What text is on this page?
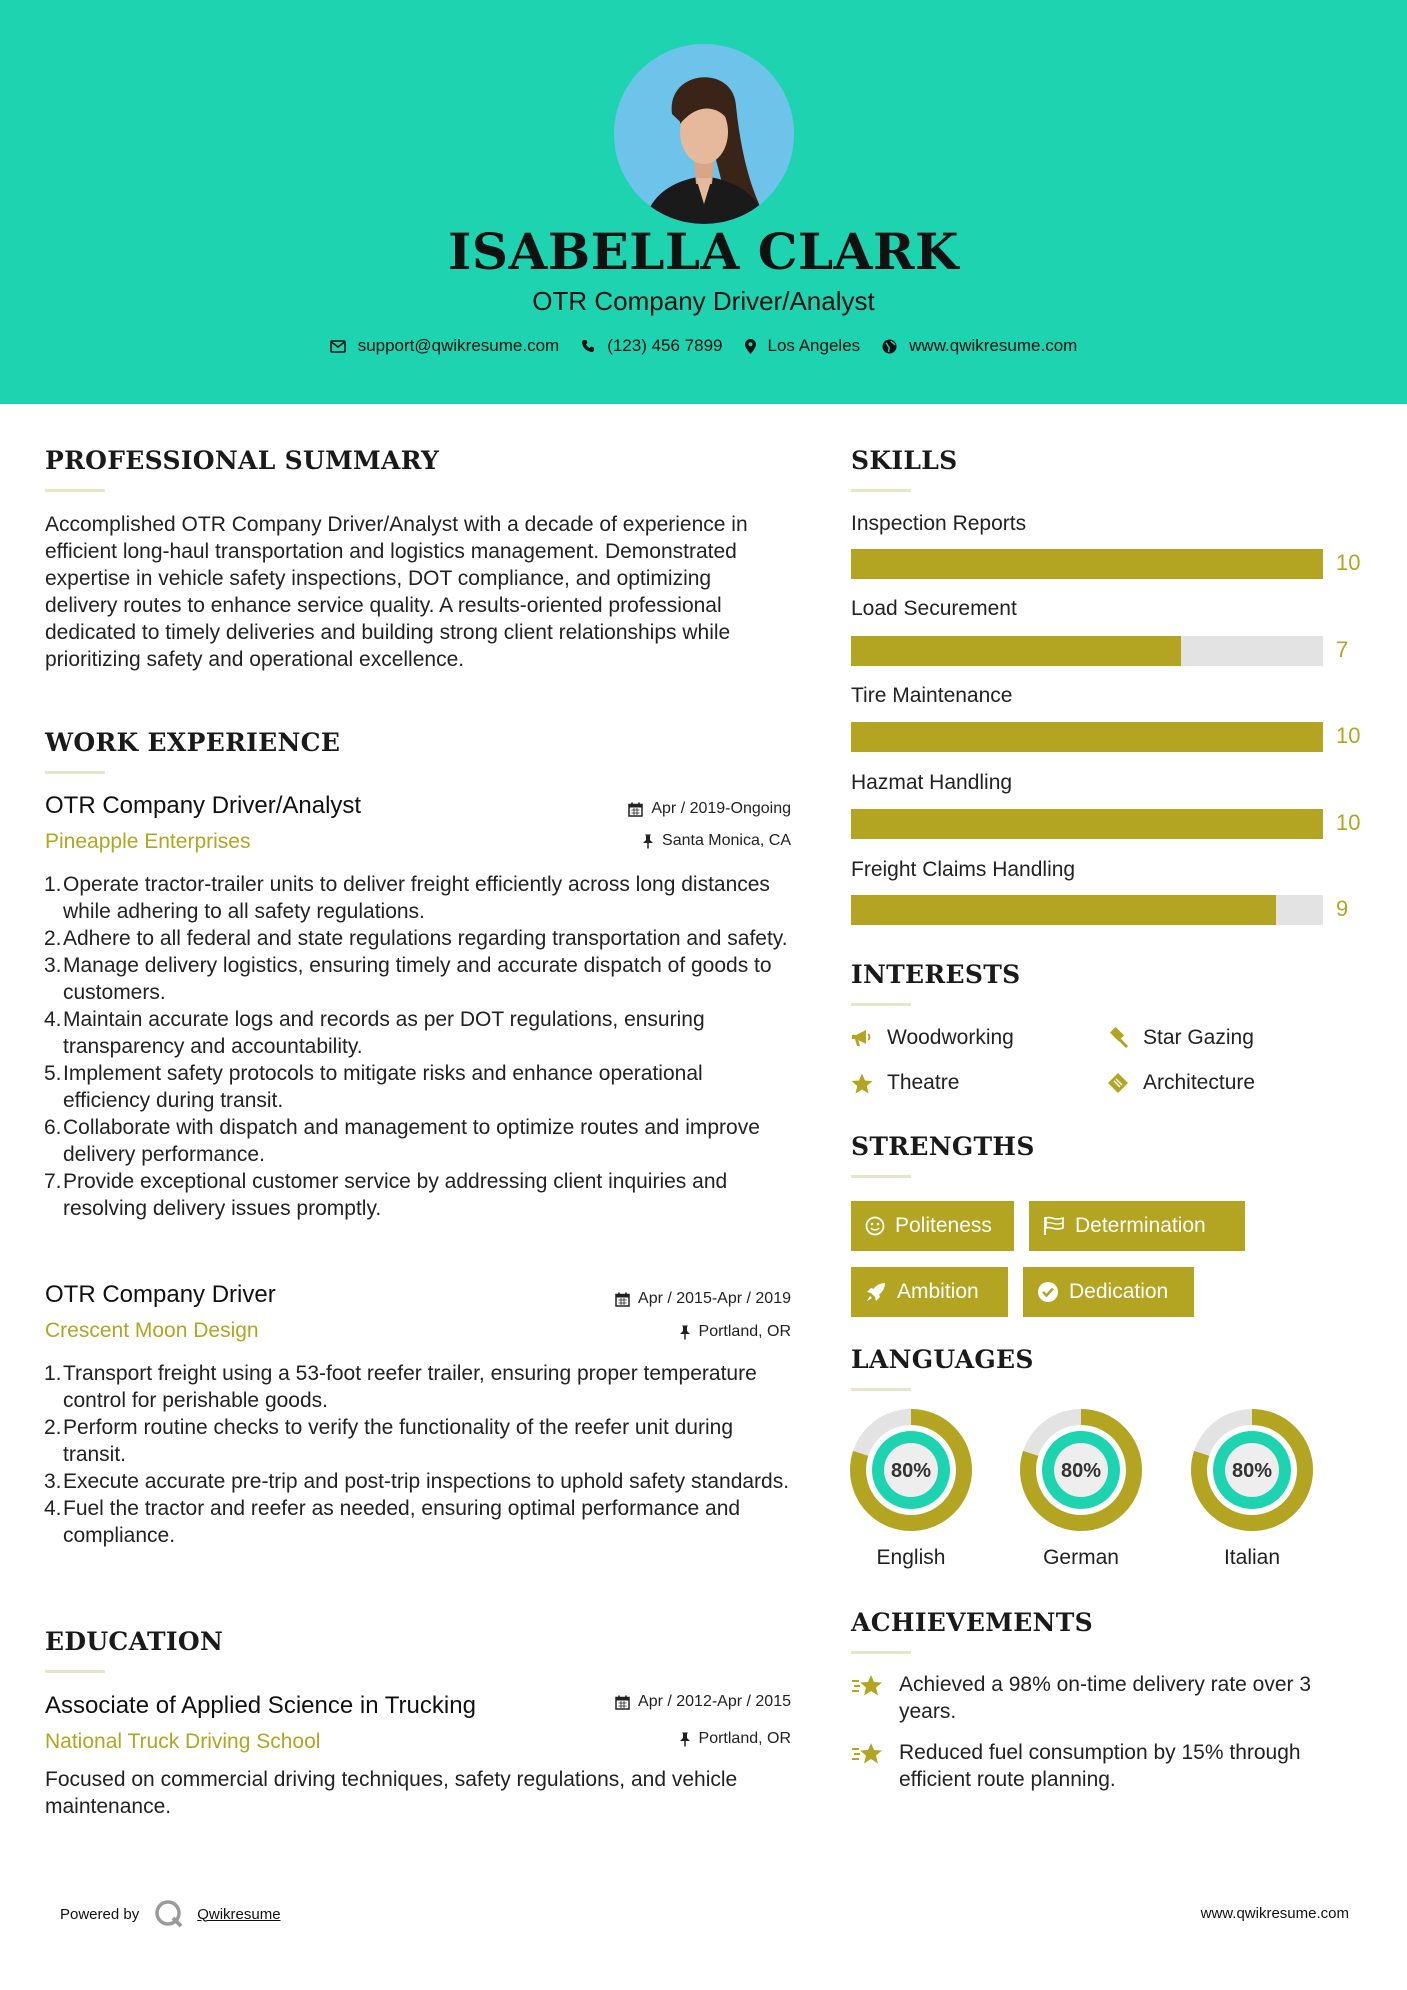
ISABELLA CLARK
OTR Company Driver/Analyst
support@qwikresume.com	(123) 456 7899	Los Angeles	www.qwikresume.com
PROFESSIONAL SUMMARY
Accomplished OTR Company Driver/Analyst with a decade of experience in efficient long-haul transportation and logistics management. Demonstrated expertise in vehicle safety inspections, DOT compliance, and optimizing delivery routes to enhance service quality. A results-oriented professional dedicated to timely deliveries and building strong client relationships while prioritizing safety and operational excellence.
WORK EXPERIENCE
OTR Company Driver/Analyst	Apr / 2019-Ongoing
Pineapple Enterprises	Santa Monica, CA
1. Operate tractor-trailer units to deliver freight efficiently across long distances while adhering to all safety regulations.
2. Adhere to all federal and state regulations regarding transportation and safety.
3. Manage delivery logistics, ensuring timely and accurate dispatch of goods to customers.
4. Maintain accurate logs and records as per DOT regulations, ensuring transparency and accountability.
5. Implement safety protocols to mitigate risks and enhance operational efficiency during transit.
6. Collaborate with dispatch and management to optimize routes and improve delivery performance.
7. Provide exceptional customer service by addressing client inquiries and resolving delivery issues promptly.
OTR Company Driver	Apr / 2015-Apr / 2019
Crescent Moon Design	Portland, OR
1. Transport freight using a 53-foot reefer trailer, ensuring proper temperature control for perishable goods.
2. Perform routine checks to verify the functionality of the reefer unit during transit.
3. Execute accurate pre-trip and post-trip inspections to uphold safety standards.
4. Fuel the tractor and reefer as needed, ensuring optimal performance and compliance.
EDUCATION
Associate of Applied Science in Trucking	Apr / 2012-Apr / 2015
National Truck Driving School	Portland, OR
Focused on commercial driving techniques, safety regulations, and vehicle maintenance.
SKILLS
Inspection Reports
10
Load Securement
7
Tire Maintenance
10
Hazmat Handling
10
Freight Claims Handling
9
INTERESTS
Woodworking	Star Gazing
Theatre	Architecture
STRENGTHS
Politeness	Determination
Ambition	Dedication
LANGUAGES
80%
English
80%
German
80%
Italian
ACHIEVEMENTS
Achieved a 98% on-time delivery rate over 3 years.
Reduced fuel consumption by 15% through efficient route planning.
Powered by	Qwikresume	www.qwikresume.com
